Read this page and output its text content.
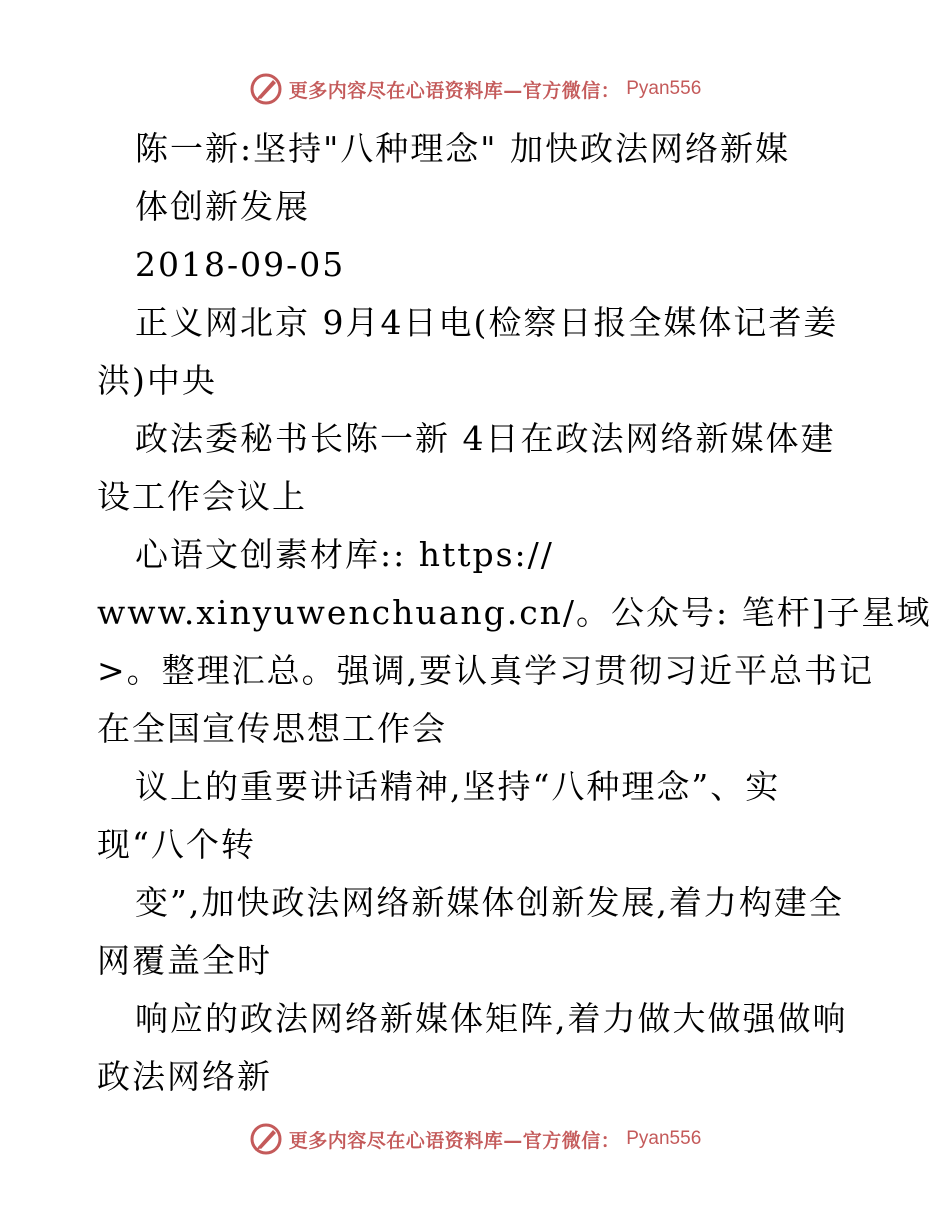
更多内容尽在心语资料库—官方微信： Pyan556
陈一新:坚持"八种理念" 加快政法网络新媒
体创新发展
2018-09-05
正义网北京 9月4日电(检察日报全媒体记者姜
洪)中央
政法委秘书长陈一新 4日在政法网络新媒体建
设工作会议上
心语文创素材库:: https://
www.xinyuwenchuang.cn/。公众号: 笔杆]子星域
>。整理汇总。强调,要认真学习贯彻习近平总书记
在全国宣传思想工作会
议上的重要讲话精神,坚持“八种理念”、实
现“八个转
变”,加快政法网络新媒体创新发展,着力构建全
网覆盖全时
响应的政法网络新媒体矩阵,着力做大做强做响
政法网络新
更多内容尽在心语资料库—官方微信： Pyan556
